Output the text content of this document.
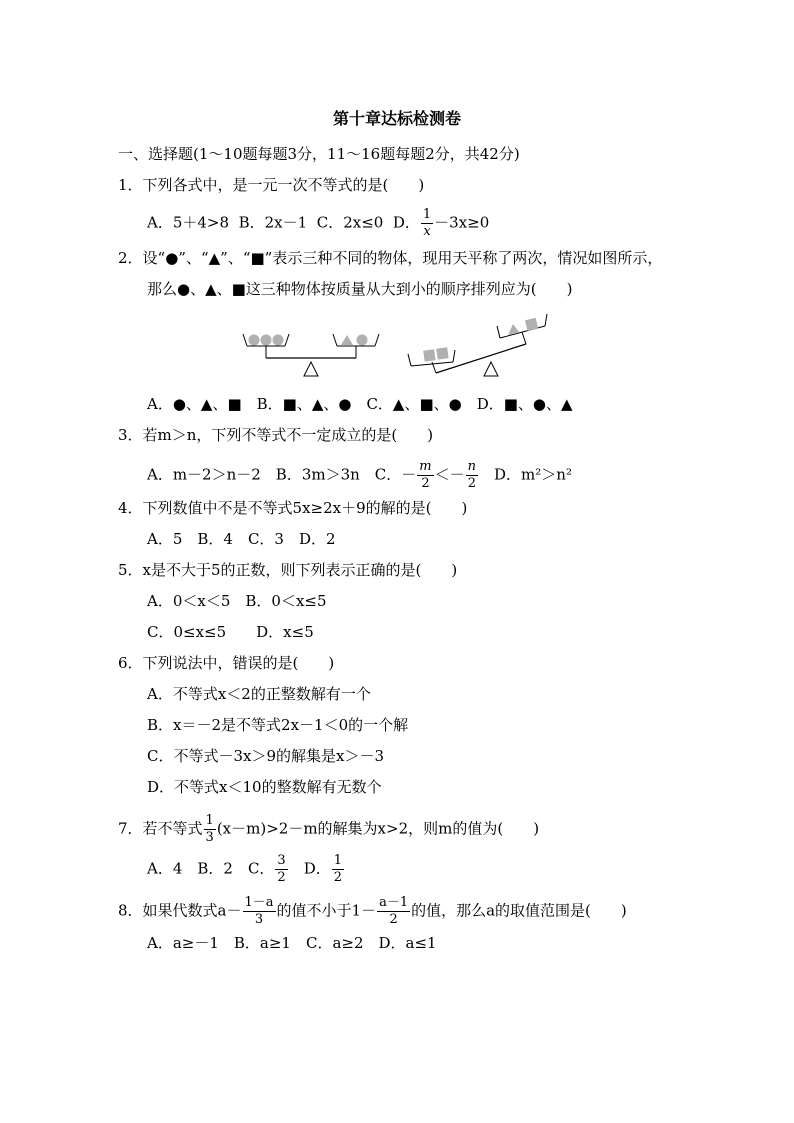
第十章达标检测卷
一、选择题(1～10题每题3分，11～16题每题2分，共42分)
1．下列各式中，是一元一次不等式的是(　　)
A．5＋4>8 B．2x－1 C．2x≤0 D． $\frac{1}{x} -3x\ge 0$
2．设“●”、“▲”、“■”表示三种不同的物体，现用天平称了两次，情况如图所示，
那么●、▲、■这三种物体按质量从大到小的顺序排列应为(　　)
A．●、▲、■　B．■、▲、●　C．▲、■、●　D．■、●、▲
3．若m＞n，下列不等式不一定成立的是(　　)
A．m－2＞n－2　B．3m＞3n　C．－ $\frac{m}{2} <- \frac{n}{2}$ 　D．m²＞n²
4．下列数值中不是不等式5x≥2x＋9的解的是(　　)
A．5　B．4　C．3　D．2
5．x是不大于5的正数，则下列表示正确的是(　　)
A．0＜x＜5　B．0＜x≤5
C．0≤x≤5　　D．x≤5
6．下列说法中，错误的是(　　)
A．不等式x＜2的正整数解有一个
B．x＝－2是不等式2x－1＜0的一个解
C．不等式－3x＞9的解集是x＞－3
D．不等式x＜10的整数解有无数个
7．若不等式 $\frac{1}{3} (x-m)>2-m$的解集为x>2，则m的值为(　　)
A．4　B．2　C． $\frac{3}{2}$ 　D． $\frac{1}{2}$
8．如果代数式$a- \frac{1-a}{3}$ 的值不小于$1- \frac{a-1}{2}$ 的值，那么a的取值范围是(　　)
A．a≥－1　B．a≥1　C．a≥2　D．a≤1
